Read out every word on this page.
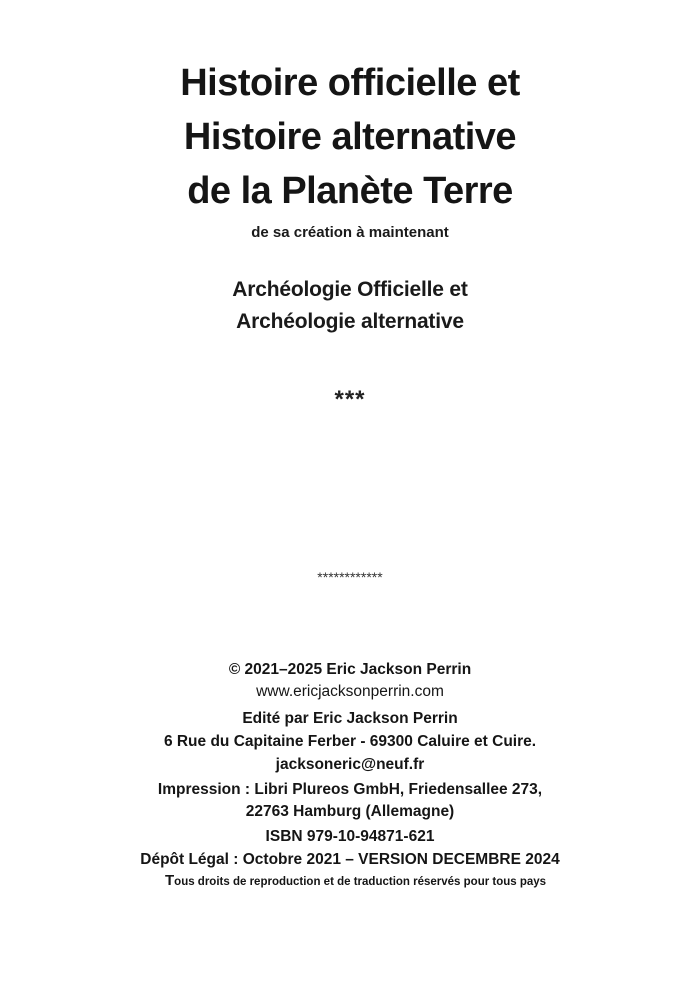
Histoire officielle et
Histoire alternative
de la Planète Terre
de sa création à maintenant
Archéologie Officielle et
Archéologie alternative
***
************
© 2021–2025 Eric Jackson Perrin
www.ericjacksonperrin.com
Edité par Eric Jackson Perrin
6 Rue du Capitaine Ferber - 69300 Caluire et Cuire.
jacksoneric@neuf.fr
Impression : Libri Plureos GmbH, Friedensallee 273,
22763 Hamburg (Allemagne)
ISBN 979-10-94871-621
Dépôt Légal : Octobre 2021 – VERSION DECEMBRE 2024
Tous droits de reproduction et de traduction réservés pour tous pays
